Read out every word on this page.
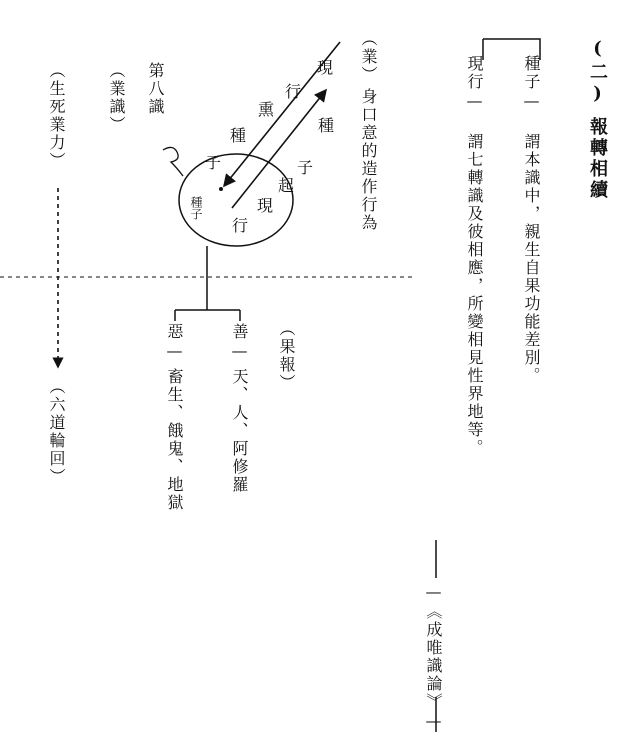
(二)報轉相續
種子—
謂本識中，親生自果功能差別。
現行—
謂七轉識及彼相應，所變相見性界地等。
—《成唯識論》—
（業）
身口意的造作行為
第八識
（業識）	現
行
熏
種
種
子
起
現
行
子
種子
（果報）
善—天、人、阿修羅
惡—畜生、餓鬼、地獄
（生死業力）
（六道輪回）
